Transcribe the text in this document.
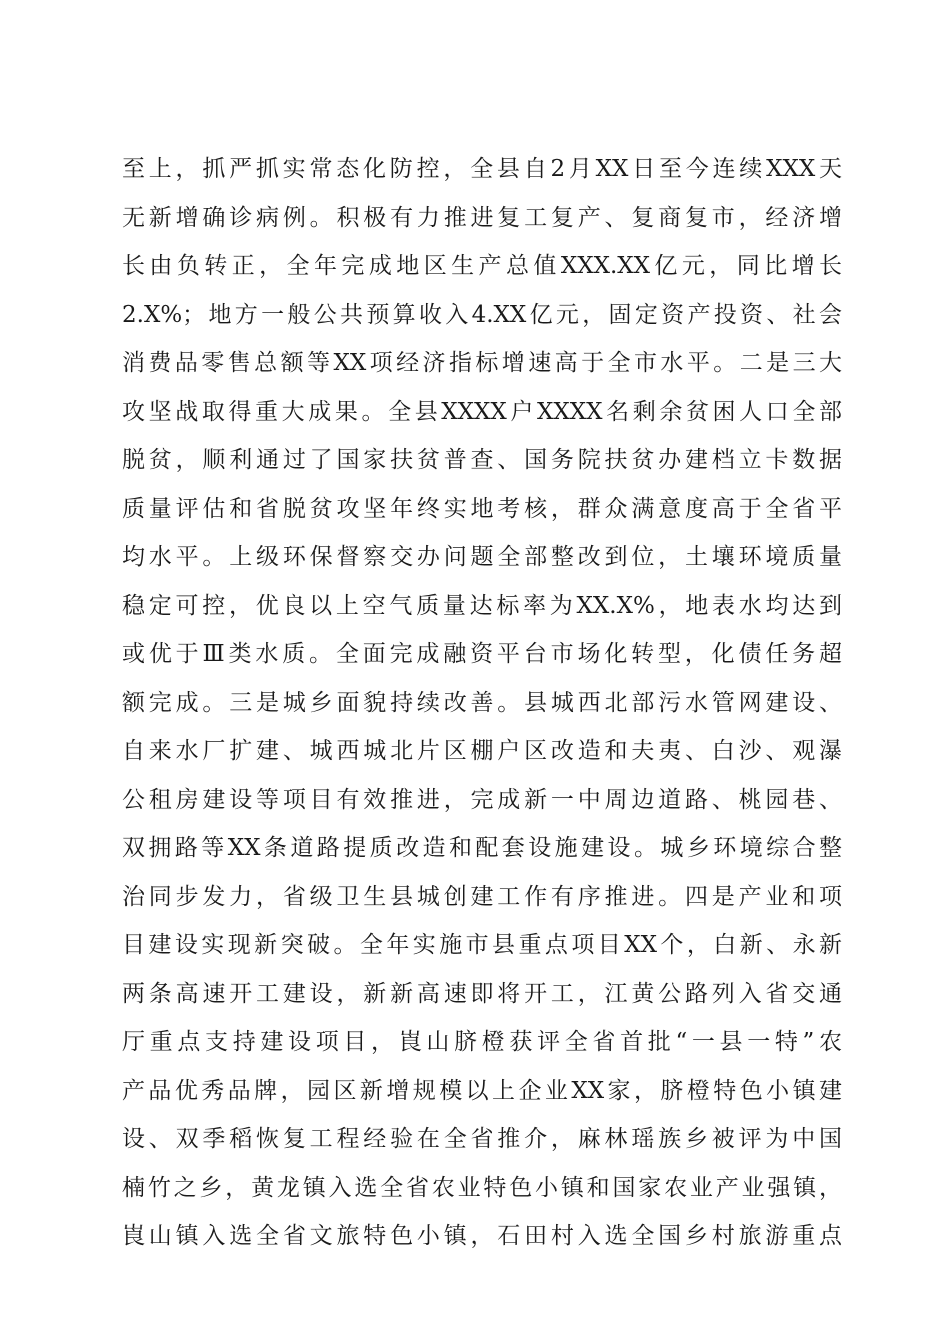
至上，抓严抓实常态化防控，全县自2月XX日至今连续XXX天
无新增确诊病例。积极有力推进复工复产、复商复市，经济增
长由负转正，全年完成地区生产总值XXX.XX亿元，同比增长
2.X%；地方一般公共预算收入4.XX亿元，固定资产投资、社会
消费品零售总额等XX项经济指标增速高于全市水平。二是三大
攻坚战取得重大成果。全县XXXX户XXXX名剩余贫困人口全部
脱贫，顺利通过了国家扶贫普查、国务院扶贫办建档立卡数据
质量评估和省脱贫攻坚年终实地考核，群众满意度高于全省平
均水平。上级环保督察交办问题全部整改到位，土壤环境质量
稳定可控，优良以上空气质量达标率为XX.X%，地表水均达到
或优于Ⅲ类水质。全面完成融资平台市场化转型，化债任务超
额完成。三是城乡面貌持续改善。县城西北部污水管网建设、
自来水厂扩建、城西城北片区棚户区改造和夫夷、白沙、观瀑
公租房建设等项目有效推进，完成新一中周边道路、桃园巷、
双拥路等XX条道路提质改造和配套设施建设。城乡环境综合整
治同步发力，省级卫生县城创建工作有序推进。四是产业和项
目建设实现新突破。全年实施市县重点项目XX个，白新、永新
两条高速开工建设，新新高速即将开工，江黄公路列入省交通
厅重点支持建设项目，崀山脐橙获评全省首批“一县一特”农
产品优秀品牌，园区新增规模以上企业XX家，脐橙特色小镇建
设、双季稻恢复工程经验在全省推介，麻林瑶族乡被评为中国
楠竹之乡，黄龙镇入选全省农业特色小镇和国家农业产业强镇，
崀山镇入选全省文旅特色小镇，石田村入选全国乡村旅游重点
